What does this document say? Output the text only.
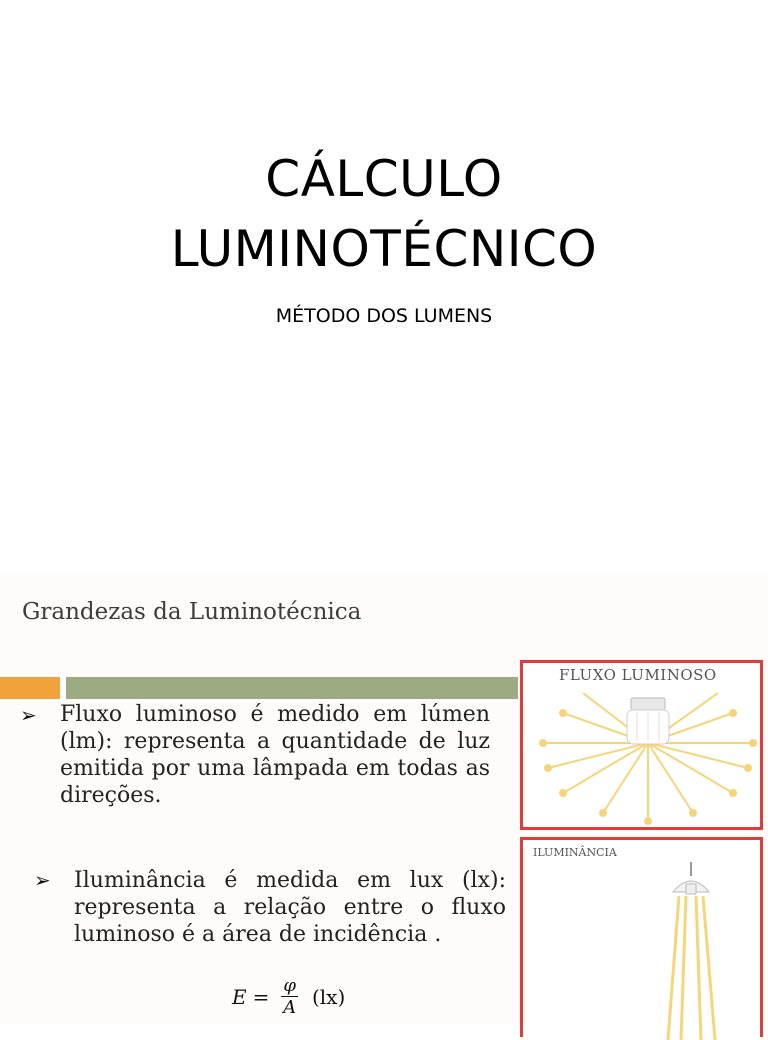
CÁLCULO
LUMINOTÉCNICO
MÉTODO DOS LUMENS
Grandezas da Luminotécnica
➢ Fluxo luminoso é medido em lúmen (lm): representa a quantidade de luz emitida por uma lâmpada em todas as direções.
➢ Iluminância é medida em lux (lx): representa a relação entre o fluxo luminoso é a área de incidência .
$E = \frac{\varphi}{A} (lx)$
FLUXO LUMINOSO
ILUMINÂNCIA
